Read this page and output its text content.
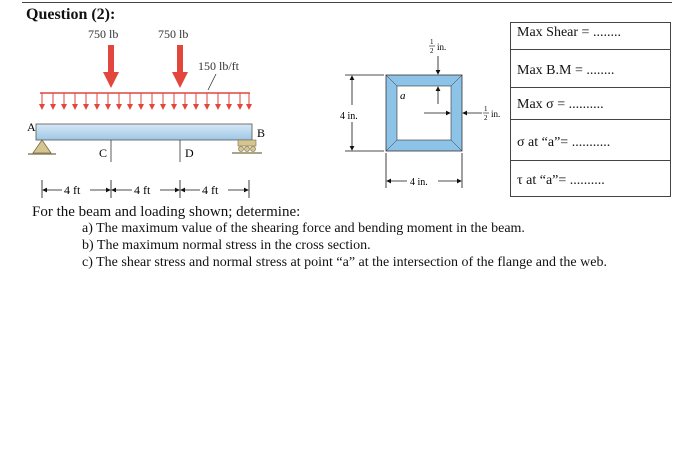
Question (2):
750 lb	750 lb
150 lb/ft
A	B
C	D
4 ft	4 ft	4 ft
a
4 in.
4 in.
1
2 in.
1
2 in.
Max Shear = ........
Max B.M = ........
Max σ = ..........
σ at “a”= ...........
τ at “a”= ..........
For the beam and loading shown; determine:
a) The maximum value of the shearing force and bending moment in the beam.
b) The maximum normal stress in the cross section.
c) The shear stress and normal stress at point “a” at the intersection of the flange and the web.
